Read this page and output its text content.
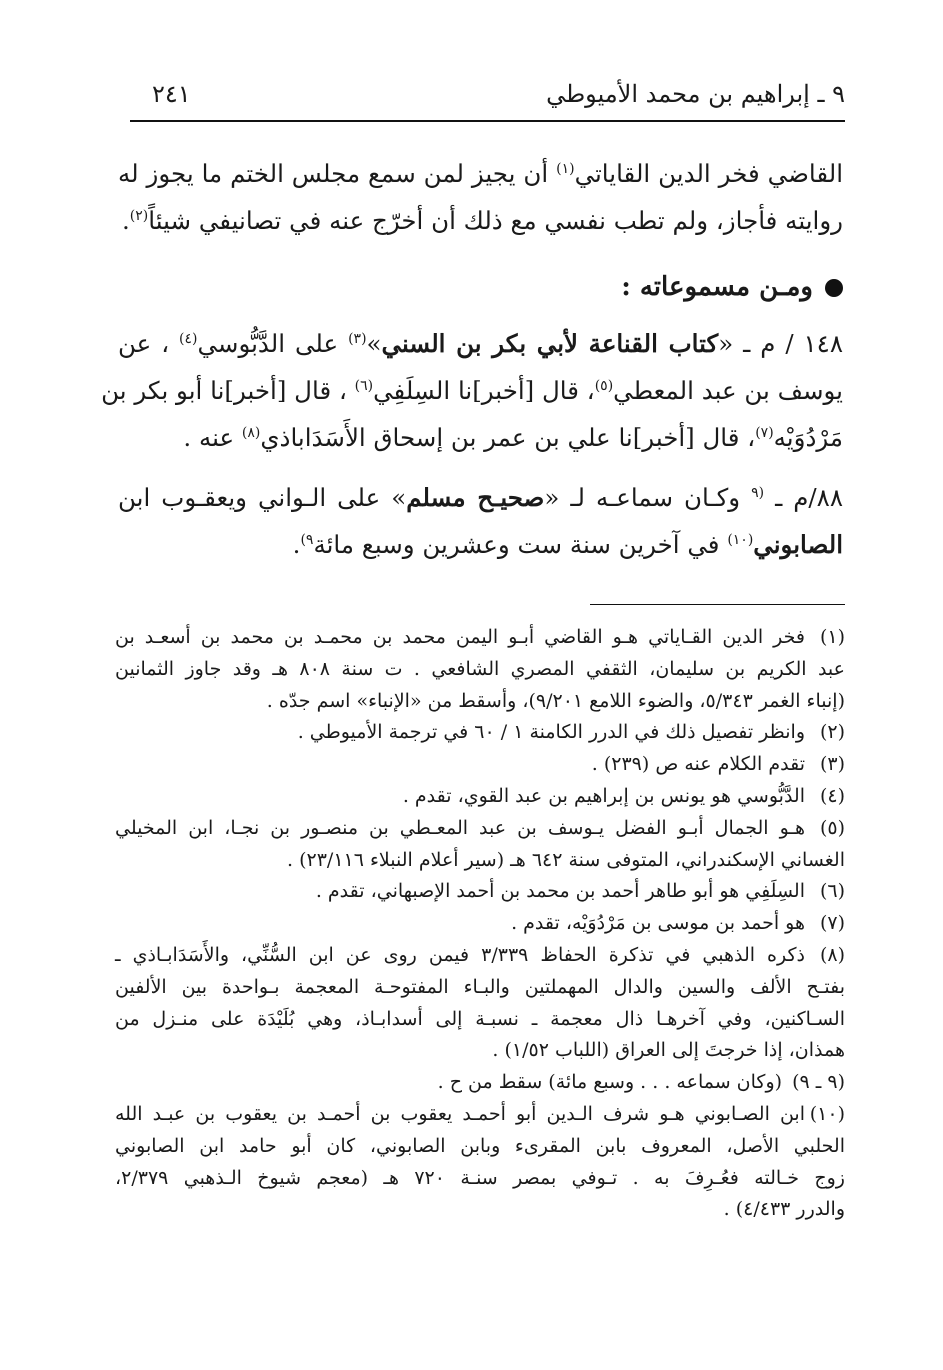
٩ ـ إبراهيم بن محمد الأميوطي
٢٤١
القاضي فخر الدين القاياتي$^{(١)}$ أن يجيز لمن سمع مجلس الختم ما يجوز له
روايته فأجاز، ولم تطب نفسي مع ذلك أن أخرّج عنه في تصانيفي شيئاً$^{(٢)}$.
ومـن مسموعاته :
١٤٨ / م ـ «كتاب القناعة لأبي بكر بن السني»$^{(٣)}$ على الدَّبُّوسي$^{(٤)}$ ، عن
يوسف بن عبد المعطي$^{(٥)}$، قال [أخبر]نا السِلَفِي$^{(٦)}$ ، قال [أخبر]نا أبو بكر بن
مَرْدُوَيْه$^{(٧)}$، قال [أخبر]نا علي بن عمر بن إسحاق الأَسَدَاباذي$^{(٨)}$ عنه .
٨٨/م ـ $^{(٩}$ وكـان سماعـه لـ «صحيـح مسلم» على الـواني ويعقـوب ابن
الصابوني$^{(١٠)}$ في آخرين سنة ست وعشرين وسبع مائة$^{٩)}$.
(١)فخر الدين القـاياتي هـو القاضي أبـو اليمن محمد بن محمـد بن محمد بن أسعـد بن
عبد الكريم بن سليمان، الثقفي المصري الشافعي . ت سنة ٨٠٨ هـ وقد جاوز الثمانين
(إنباء الغمر ٥/٣٤٣، والضوء اللامع ٩/٢٠١)، وأسقط من «الإنباء» اسم جدّه .
(٢)وانظر تفصيل ذلك في الدرر الكامنة ١ / ٦٠ في ترجمة الأميوطي .
(٣)تقدم الكلام عنه ص (٢٣٩) .
(٤)الدَّبُّوسي هو يونس بن إبراهيم بن عبد القوي، تقدم .
(٥)هـو الجمال أبـو الفضل يـوسف بن عبد المعـطي بن منصـور بن نجـا، ابن المخيلي
الغساني الإسكندراني، المتوفى سنة ٦٤٢ هـ (سير أعلام النبلاء ٢٣/١١٦) .
(٦)السِلَفِي هو أبو طاهر أحمد بن محمد بن أحمد الإصبهاني، تقدم .
(٧)هو أحمد بن موسى بن مَرْدُوَيْه، تقدم .
(٨)ذكره الذهبي في تذكرة الحفاظ ٣/٣٣٩ فيمن روى عن ابن السُّنِّي، والأَسَدَابـاذي ـ
بفتـح الألف والسين والدال المهملتين والبـاء المفتوحـة المعجمة بـواحدة بين الألفين
السـاكنين، وفي آخرهـا ذال معجمة ـ نسبـة إلى أسدابـاذ، وهي بُلَيْدَة على منـزل من
همذان، إذا خرجتَ إلى العراق (اللباب ١/٥٢) .
(٩ ـ ٩)(وكان سماعه . . . وسبع مائة) سقط من ح .
(١٠)ابن الصـابوني هـو شرف الـدين أبو أحمـد يعقوب بن أحمـد بن يعقوب بن عبـد الله
الحلبي الأصل، المعروف بابن المقرىء وبابن الصابوني، كان أبو حامد ابن الصابوني
زوج خـالته فعُـرِفَ به . تـوفي بمصر سنـة ٧٢٠ هـ (معجم شيوخ الـذهبي ٢/٣٧٩،
والدرر ٤/٤٣٣) .
